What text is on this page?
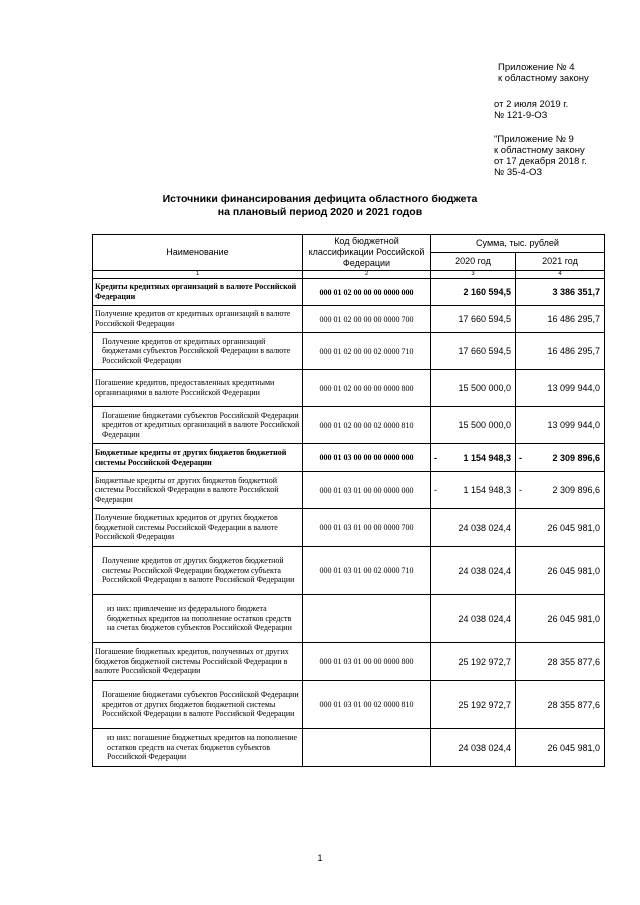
Приложение № 4
к областному закону
от 2 июля 2019 г.
№ 121-9-ОЗ
"Приложение № 9
к областному закону
от 17 декабря 2018 г.
№ 35-4-ОЗ
Источники финансирования дефицита областного бюджета
на плановый период 2020 и 2021 годов
Наименование	Код бюджетной классификации Российской Федерации	Сумма, тыс. рублей	
		2020 год	2021 год
1	2	3	4
Кредиты кредитных организаций в валюте Российской Федерации	000 01 02 00 00 00 0000 000	2 160 594,5	3 386 351,7
Получение кредитов от кредитных организаций в валюте Российской Федерации	000 01 02 00 00 00 0000 700	17 660 594,5	16 486 295,7
Получение кредитов от кредитных организаций бюджетами субъектов Российской Федерации в валюте Российской Федерации	000 01 02 00 00 02 0000 710	17 660 594,5	16 486 295,7
Погашение кредитов, предоставленных кредитными организациями в валюте Российской Федерации	000 01 02 00 00 00 0000 800	15 500 000,0	13 099 944,0
Погашение бюджетами субъектов Российской Федерации кредитов от кредитных организаций в валюте Российской Федерации	000 01 02 00 00 02 0000 810	15 500 000,0	13 099 944,0
Бюджетные кредиты от других бюджетов бюджетной системы Российской Федерации	000 01 03 00 00 00 0000 000	- 1 154 948,3	- 2 309 896,6
Бюджетные кредиты от других бюджетов бюджетной системы Российской Федерации в валюте Российской Федерации	000 01 03 01 00 00 0000 000	- 1 154 948,3	- 2 309 896,6
Получение бюджетных кредитов от других бюджетов бюджетной системы Российской Федерации в валюте Российской Федерации	000 01 03 01 00 00 0000 700	24 038 024,4	26 045 981,0
Получение кредитов от других бюджетов бюджетной системы Российской Федерации бюджетом субъекта Российской Федерации в валюте Российской Федерации	000 01 03 01 00 02 0000 710	24 038 024,4	26 045 981,0
из них: привлечение из федерального бюджета бюджетных кредитов на пополнение остатков средств на счетах бюджетов субъектов Российской Федерации		24 038 024,4	26 045 981,0
Погашение бюджетных кредитов, полученных от других бюджетов бюджетной системы Российской Федерации в валюте Российской Федерации	000 01 03 01 00 00 0000 800	25 192 972,7	28 355 877,6
Погашение бюджетами субъектов Российской Федерации кредитов от других бюджетов бюджетной системы Российской Федерации в валюте Российской Федерации	000 01 03 01 00 02 0000 810	25 192 972,7	28 355 877,6
из них: погашение бюджетных кредитов на пополнение остатков средств на счетах бюджетов субъектов Российской Федерации		24 038 024,4	26 045 981,0
1
